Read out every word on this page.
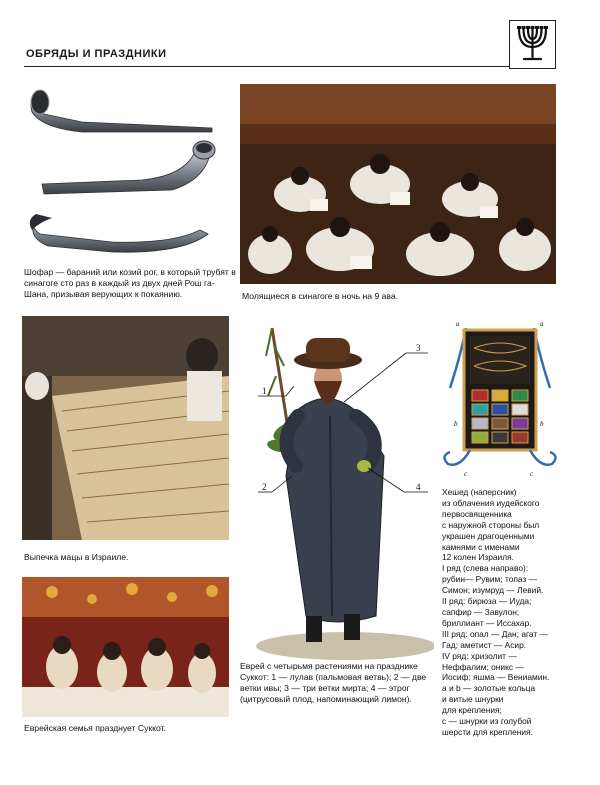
ОБРЯДЫ И ПРАЗДНИКИ
Шофар — бараний или козий рог, в который трубят в синагоге сто раз в каждый из двух дней Рош га-Шана, призывая верующих к покаянию.	Молящиеся в синагоге в ночь на 9 ава.
Выпечка мацы в Израиле.
Еврейская семья празднует Суккот.
1
2
3
4
Еврей с четырьмя растениями на празднике Суккот: 1 — лулав (пальмовая ветвь); 2 — две ветки ивы; 3 — три ветки мирта; 4 — этрог (цитрусовый плод, напоминающий лимон).
a	a
b	b
c	c
Хешед (наперсник)
из облачения иудейского
первосвященника
с наружной стороны был
украшен драгоценными
камнями с именами
12 колен Израиля.
I ряд (слева направо):
рубин— Рувим; топаз —
Симон; изумруд — Левий.
II ряд: бирюза — Иуда;
сапфир — Завулон;
бриллиант — Иссахар.
III ряд: опал — Дан; агат —
Гад; аметист — Асир.
IV ряд: хризолит —
Неффалим; оникс —
Иосиф; яшма — Вениамин.
а и b — золотые кольца
и витые шнурки
для крепления;
с — шнурки из голубой
шерсти для крепления.
